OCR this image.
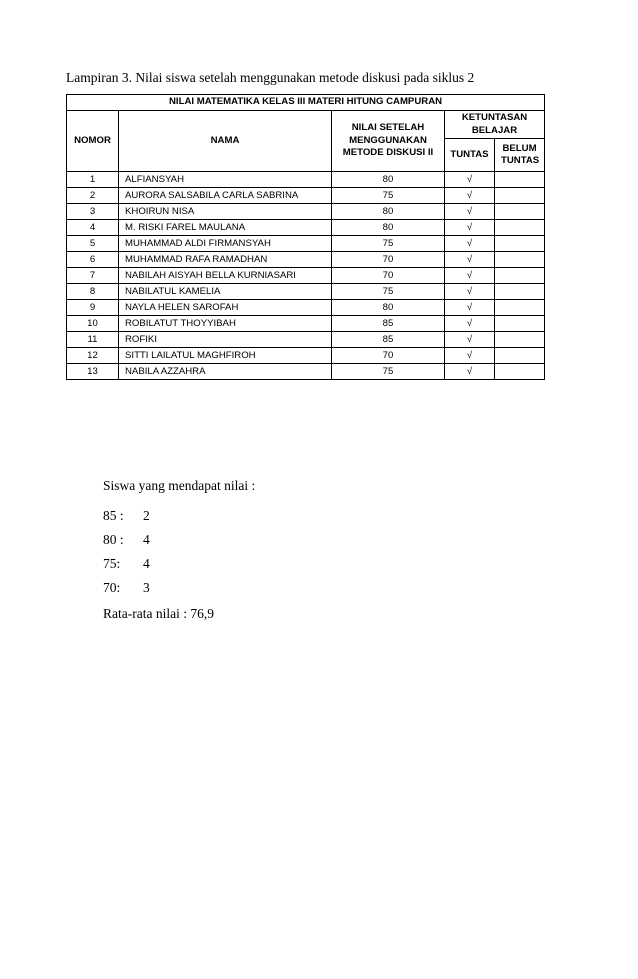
Lampiran 3. Nilai siswa setelah menggunakan metode diskusi pada siklus 2
NILAI MATEMATIKA KELAS III MATERI HITUNG CAMPURAN				
NOMOR	NAMA	NILAI SETELAH MENGGUNAKAN METODE DISKUSI II	KETUNTASAN BELAJAR	
			TUNTAS	BELUM TUNTAS
1	ALFIANSYAH	80	√	
2	AURORA SALSABILA CARLA SABRINA	75	√	
3	KHOIRUN NISA	80	√	
4	M. RISKI FAREL MAULANA	80	√	
5	MUHAMMAD ALDI FIRMANSYAH	75	√	
6	MUHAMMAD RAFA RAMADHAN	70	√	
7	NABILAH AISYAH BELLA KURNIASARI	70	√	
8	NABILATUL KAMELIA	75	√	
9	NAYLA HELEN SAROFAH	80	√	
10	ROBILATUT THOYYIBAH	85	√	
11	ROFIKI	85	√	
12	SITTI LAILATUL MAGHFIROH	70	√	
13	NABILA AZZAHRA	75	√	
Siswa yang mendapat nilai :
85 :	2
80 :	4
75:	4
70:	3
Rata-rata nilai : 76,9
